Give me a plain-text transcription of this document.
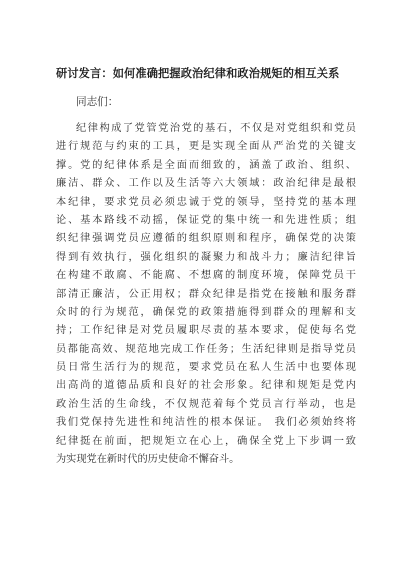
研讨发言：如何准确把握政治纪律和政治规矩的相互关系
同志们：
纪律构成了党管党治党的基石，不仅是对党组织和党员
进行规范与约束的工具，更是实现全面从严治党的关键支
撑。党的纪律体系是全面而细致的，涵盖了政治、组织、
廉洁、群众、工作以及生活等六大领域：政治纪律是最根
本纪律，要求党员必须忠诚于党的领导，坚持党的基本理
论、基本路线不动摇，保证党的集中统一和先进性质；组
织纪律强调党员应遵循的组织原则和程序，确保党的决策
得到有效执行，强化组织的凝聚力和战斗力；廉洁纪律旨
在构建不敢腐、不能腐、不想腐的制度环境，保障党员干
部清正廉洁，公正用权；群众纪律是指党在接触和服务群
众时的行为规范，确保党的政策措施得到群众的理解和支
持；工作纪律是对党员履职尽责的基本要求，促使每名党
员都能高效、规范地完成工作任务；生活纪律则是指导党员
员日常生活行为的规范，要求党员在私人生活中也要体现
出高尚的道德品质和良好的社会形象。纪律和规矩是党内
政治生活的生命线，不仅规范着每个党员言行举动，也是
我们党保持先进性和纯洁性的根本保证。 我们必须始终将
纪律挺在前面，把规矩立在心上，确保全党上下步调一致
为实现党在新时代的历史使命不懈奋斗。
